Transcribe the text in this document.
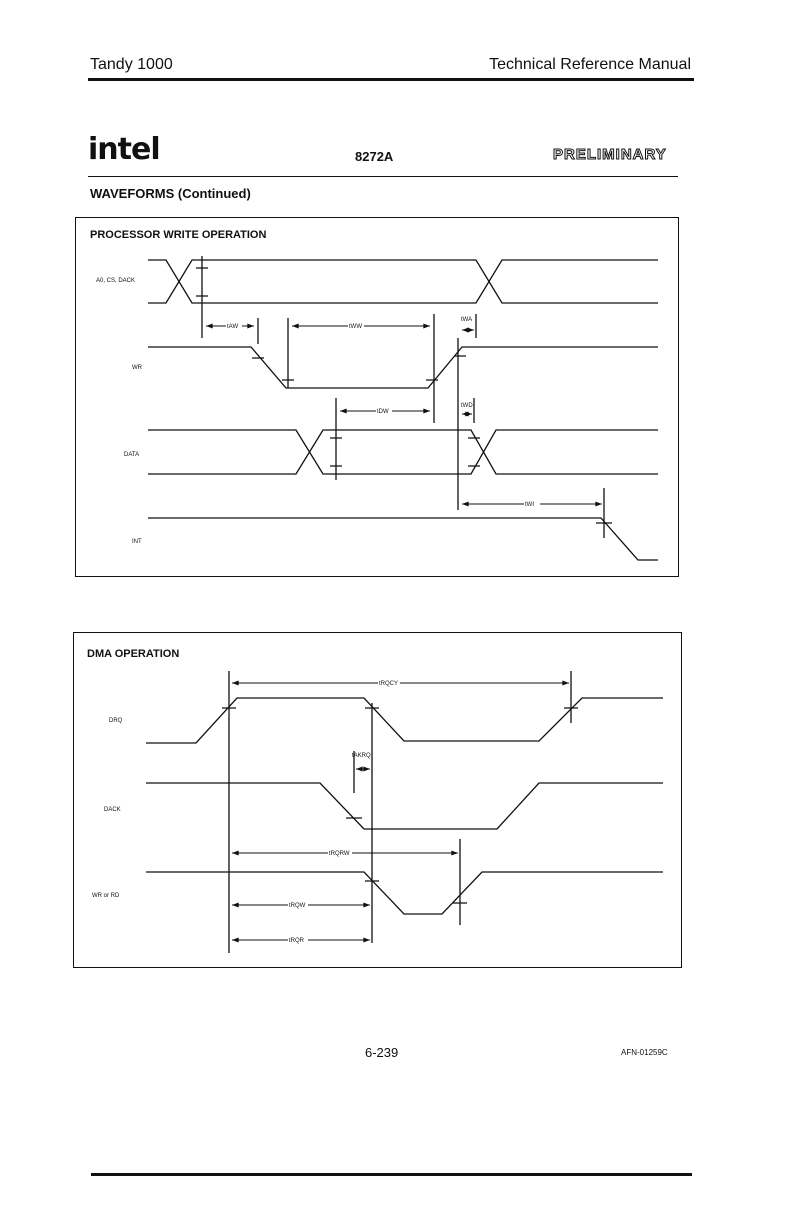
Tandy 1000	Technical Reference Manual
intel	8272A	PRELIMINARY
WAVEFORMS (Continued)
tAW	tWW
tWA
tDW
tWD
tWI
A0, CS, DACK
WR
DATA
INT
PROCESSOR WRITE OPERATION
tRQCY
tAKRQ
tRQRW
tRQW
tRQR
DRQ
DACK
WR or RD
DMA OPERATION
6-239	AFN-01259C
